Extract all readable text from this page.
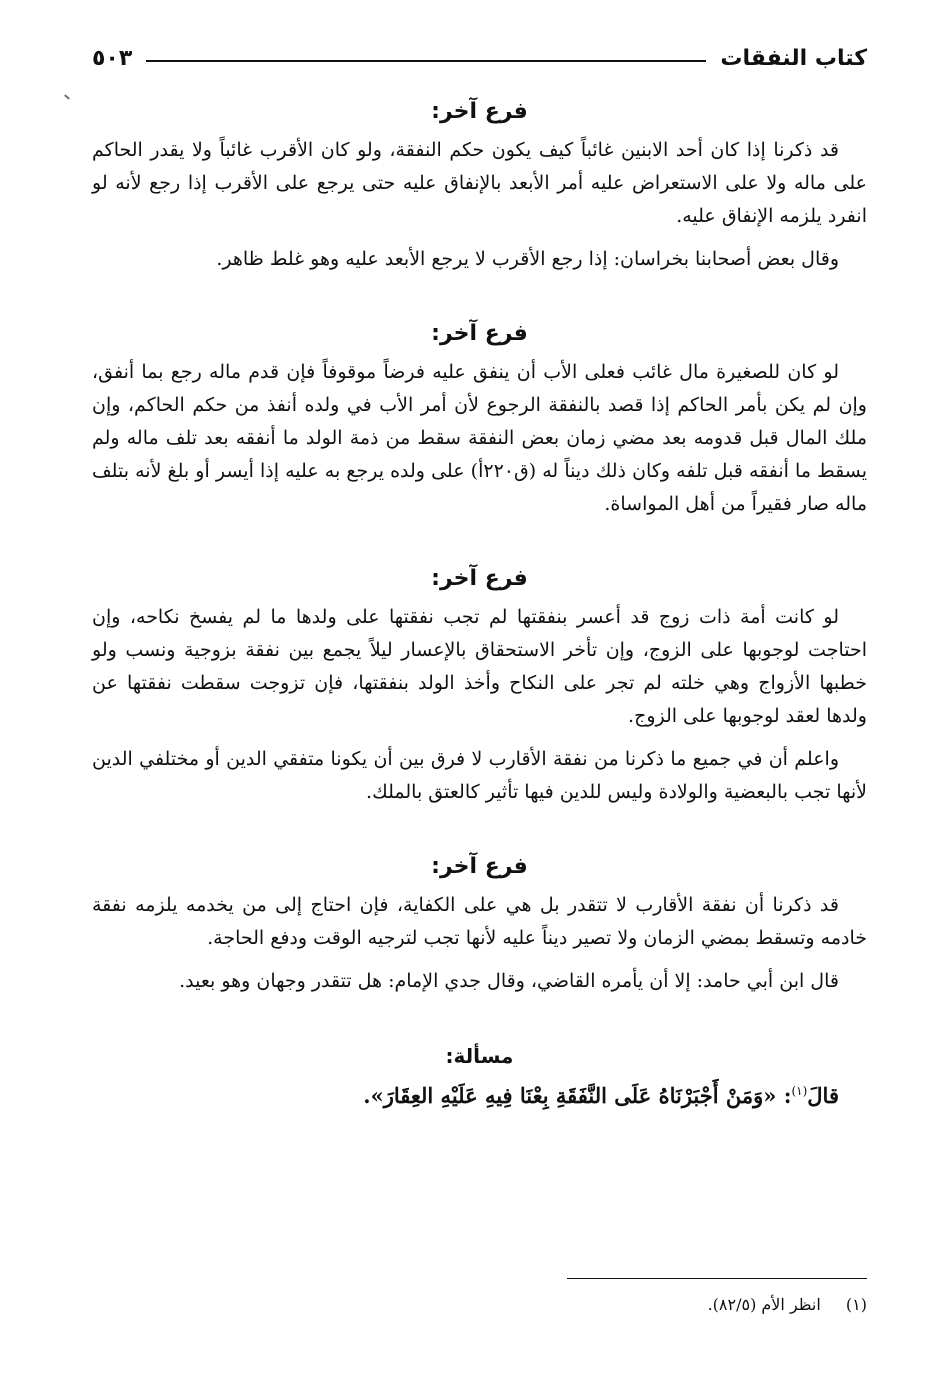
كتاب النفقات
٥٠٣
فرع آخر:

قد ذكرنا إذا كان أحد الابنين غائباً كيف يكون حكم النفقة، ولو كان الأقرب غائباً ولا يقدر الحاكم على ماله ولا على الاستعراض عليه أمر الأبعد بالإنفاق عليه حتى يرجع على الأقرب إذا رجع لأنه لو انفرد يلزمه الإنفاق عليه.

وقال بعض أصحابنا بخراسان: إذا رجع الأقرب لا يرجع الأبعد عليه وهو غلط ظاهر.

فرع آخر:

لو كان للصغيرة مال غائب فعلى الأب أن ينفق عليه فرضاً موقوفاً فإن قدم ماله رجع بما أنفق، وإن لم يكن بأمر الحاكم إذا قصد بالنفقة الرجوع لأن أمر الأب في ولده أنفذ من حكم الحاكم، وإن ملك المال قبل قدومه بعد مضي زمان بعض النفقة سقط من ذمة الولد ما أنفقه بعد تلف ماله ولم يسقط ما أنفقه قبل تلفه وكان ذلك ديناً له (ق٢٢٠أ) على ولده يرجع به عليه إذا أيسر أو بلغ لأنه بتلف ماله صار فقيراً من أهل المواساة.

فرع آخر:

لو كانت أمة ذات زوج قد أعسر بنفقتها لم تجب نفقتها على ولدها ما لم يفسخ نكاحه، وإن احتاجت لوجوبها على الزوج، وإن تأخر الاستحقاق بالإعسار ليلاً يجمع بين نفقة بزوجية ونسب ولو خطبها الأزواج وهي خلته لم تجر على النكاح وأخذ الولد بنفقتها، فإن تزوجت سقطت نفقتها عن ولدها لعقد لوجوبها على الزوج.

واعلم أن في جميع ما ذكرنا من نفقة الأقارب لا فرق بين أن يكونا متفقي الدين أو مختلفي الدين لأنها تجب بالبعضية والولادة وليس للدين فيها تأثير كالعتق بالملك.

فرع آخر:

قد ذكرنا أن نفقة الأقارب لا تتقدر بل هي على الكفاية، فإن احتاج إلى من يخدمه يلزمه نفقة خادمه وتسقط بمضي الزمان ولا تصير ديناً عليه لأنها تجب لترجيه الوقت ودفع الحاجة.

قال ابن أبي حامد: إلا أن يأمره القاضي، وقال جدي الإمام: هل تتقدر وجهان وهو بعيد.

مسألة:

قالَ$^{(١)}$: «وَمَنْ أَجْبَرْنَاهُ عَلَى النَّفَقَةِ بِعْنَا فِيهِ عَلَيْهِ العِقَارَ».

(١) انظر الأم (٨٢/٥).
